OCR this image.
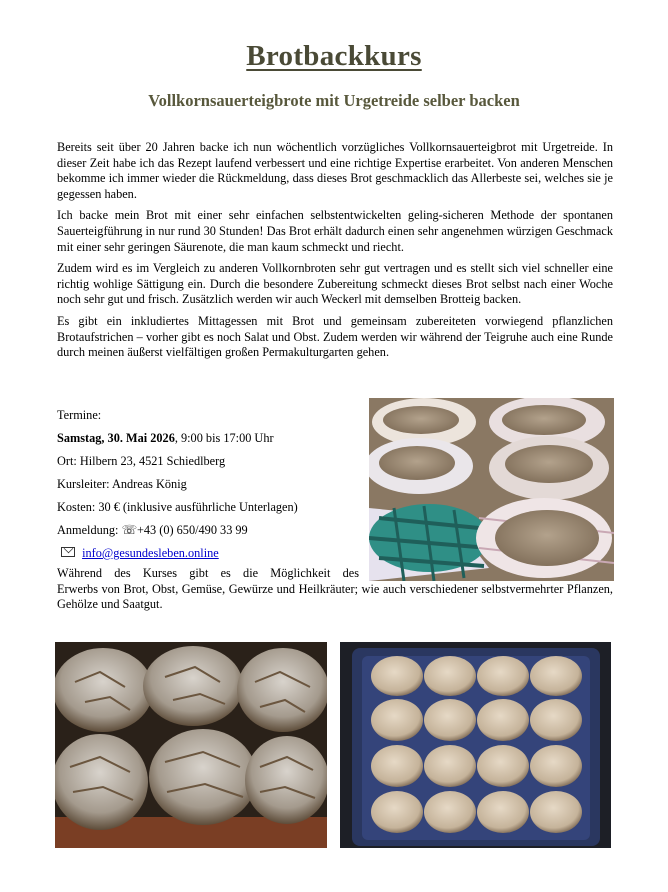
Brotbackkurs
Vollkornsauerteigbrote mit Urgetreide selber backen

Bereits seit über 20 Jahren backe ich nun wöchentlich vorzügliches Vollkornsauerteigbrot mit Urgetreide. In dieser Zeit habe ich das Rezept laufend verbessert und eine richtige Expertise erarbeitet. Von anderen Menschen bekomme ich immer wieder die Rückmeldung, dass dieses Brot geschmacklich das Allerbeste sei, welches sie je gegessen haben.

Ich backe mein Brot mit einer sehr einfachen selbstentwickelten geling-sicheren Methode der spontanen Sauerteigführung in nur rund 30 Stunden! Das Brot erhält dadurch einen sehr angenehmen würzigen Geschmack mit einer sehr geringen Säurenote, die man kaum schmeckt und riecht.

Zudem wird es im Vergleich zu anderen Vollkornbroten sehr gut vertragen und es stellt sich viel schneller eine richtig wohlige Sättigung ein. Durch die besondere Zubereitung schmeckt dieses Brot selbst nach einer Woche noch sehr gut und frisch. Zusätzlich werden wir auch Weckerl mit demselben Brotteig backen.

Es gibt ein inkludiertes Mittagessen mit Brot und gemeinsam zubereiteten vorwiegend pflanzlichen Brotaufstrichen – vorher gibt es noch Salat und Obst. Zudem werden wir während der Teigruhe auch eine Runde durch meinen äußerst vielfältigen großen Permakulturgarten gehen.

Termine:
Samstag, 30. Mai 2026, 9:00 bis 17:00 Uhr
Ort: Hilbern 23, 4521 Schiedlberg
Kursleiter: Andreas König
Kosten: 30 € (inklusive ausführliche Unterlagen)
Anmeldung: ☏+43 (0) 650/490 33 99
info@gesundesleben.online
Während des Kurses gibt es die Möglichkeit des
Erwerbs von Brot, Obst, Gemüse, Gewürze und Heilkräuter; wie auch verschiedener selbstvermehrter Pflanzen, Gehölze und Saatgut.
